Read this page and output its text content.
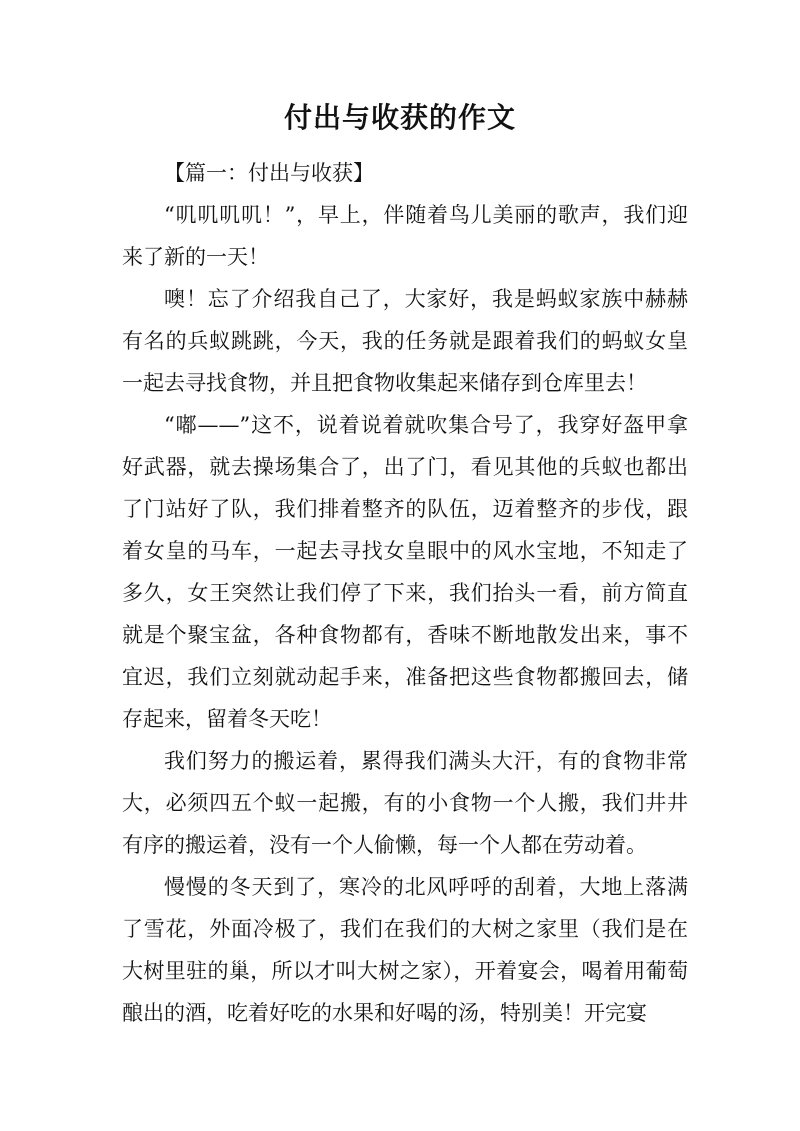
付出与收获的作文

【篇一：付出与收获】

“叽叽叽叽！”，早上，伴随着鸟儿美丽的歌声，我们迎来了新的一天！

噢！忘了介绍我自己了，大家好，我是蚂蚁家族中赫赫有名的兵蚁跳跳，今天，我的任务就是跟着我们的蚂蚁女皇一起去寻找食物，并且把食物收集起来储存到仓库里去！

“嘟——”这不，说着说着就吹集合号了，我穿好盔甲拿好武器，就去操场集合了，出了门，看见其他的兵蚁也都出了门站好了队，我们排着整齐的队伍，迈着整齐的步伐，跟着女皇的马车，一起去寻找女皇眼中的风水宝地，不知走了多久，女王突然让我们停了下来，我们抬头一看，前方简直就是个聚宝盆，各种食物都有，香味不断地散发出来，事不宜迟，我们立刻就动起手来，准备把这些食物都搬回去，储存起来，留着冬天吃！

我们努力的搬运着，累得我们满头大汗，有的食物非常大，必须四五个蚁一起搬，有的小食物一个人搬，我们井井有序的搬运着，没有一个人偷懒，每一个人都在劳动着。

慢慢的冬天到了，寒冷的北风呼呼的刮着，大地上落满了雪花，外面冷极了，我们在我们的大树之家里（我们是在大树里驻的巢，所以才叫大树之家），开着宴会，喝着用葡萄酿出的酒，吃着好吃的水果和好喝的汤，特别美！开完宴
